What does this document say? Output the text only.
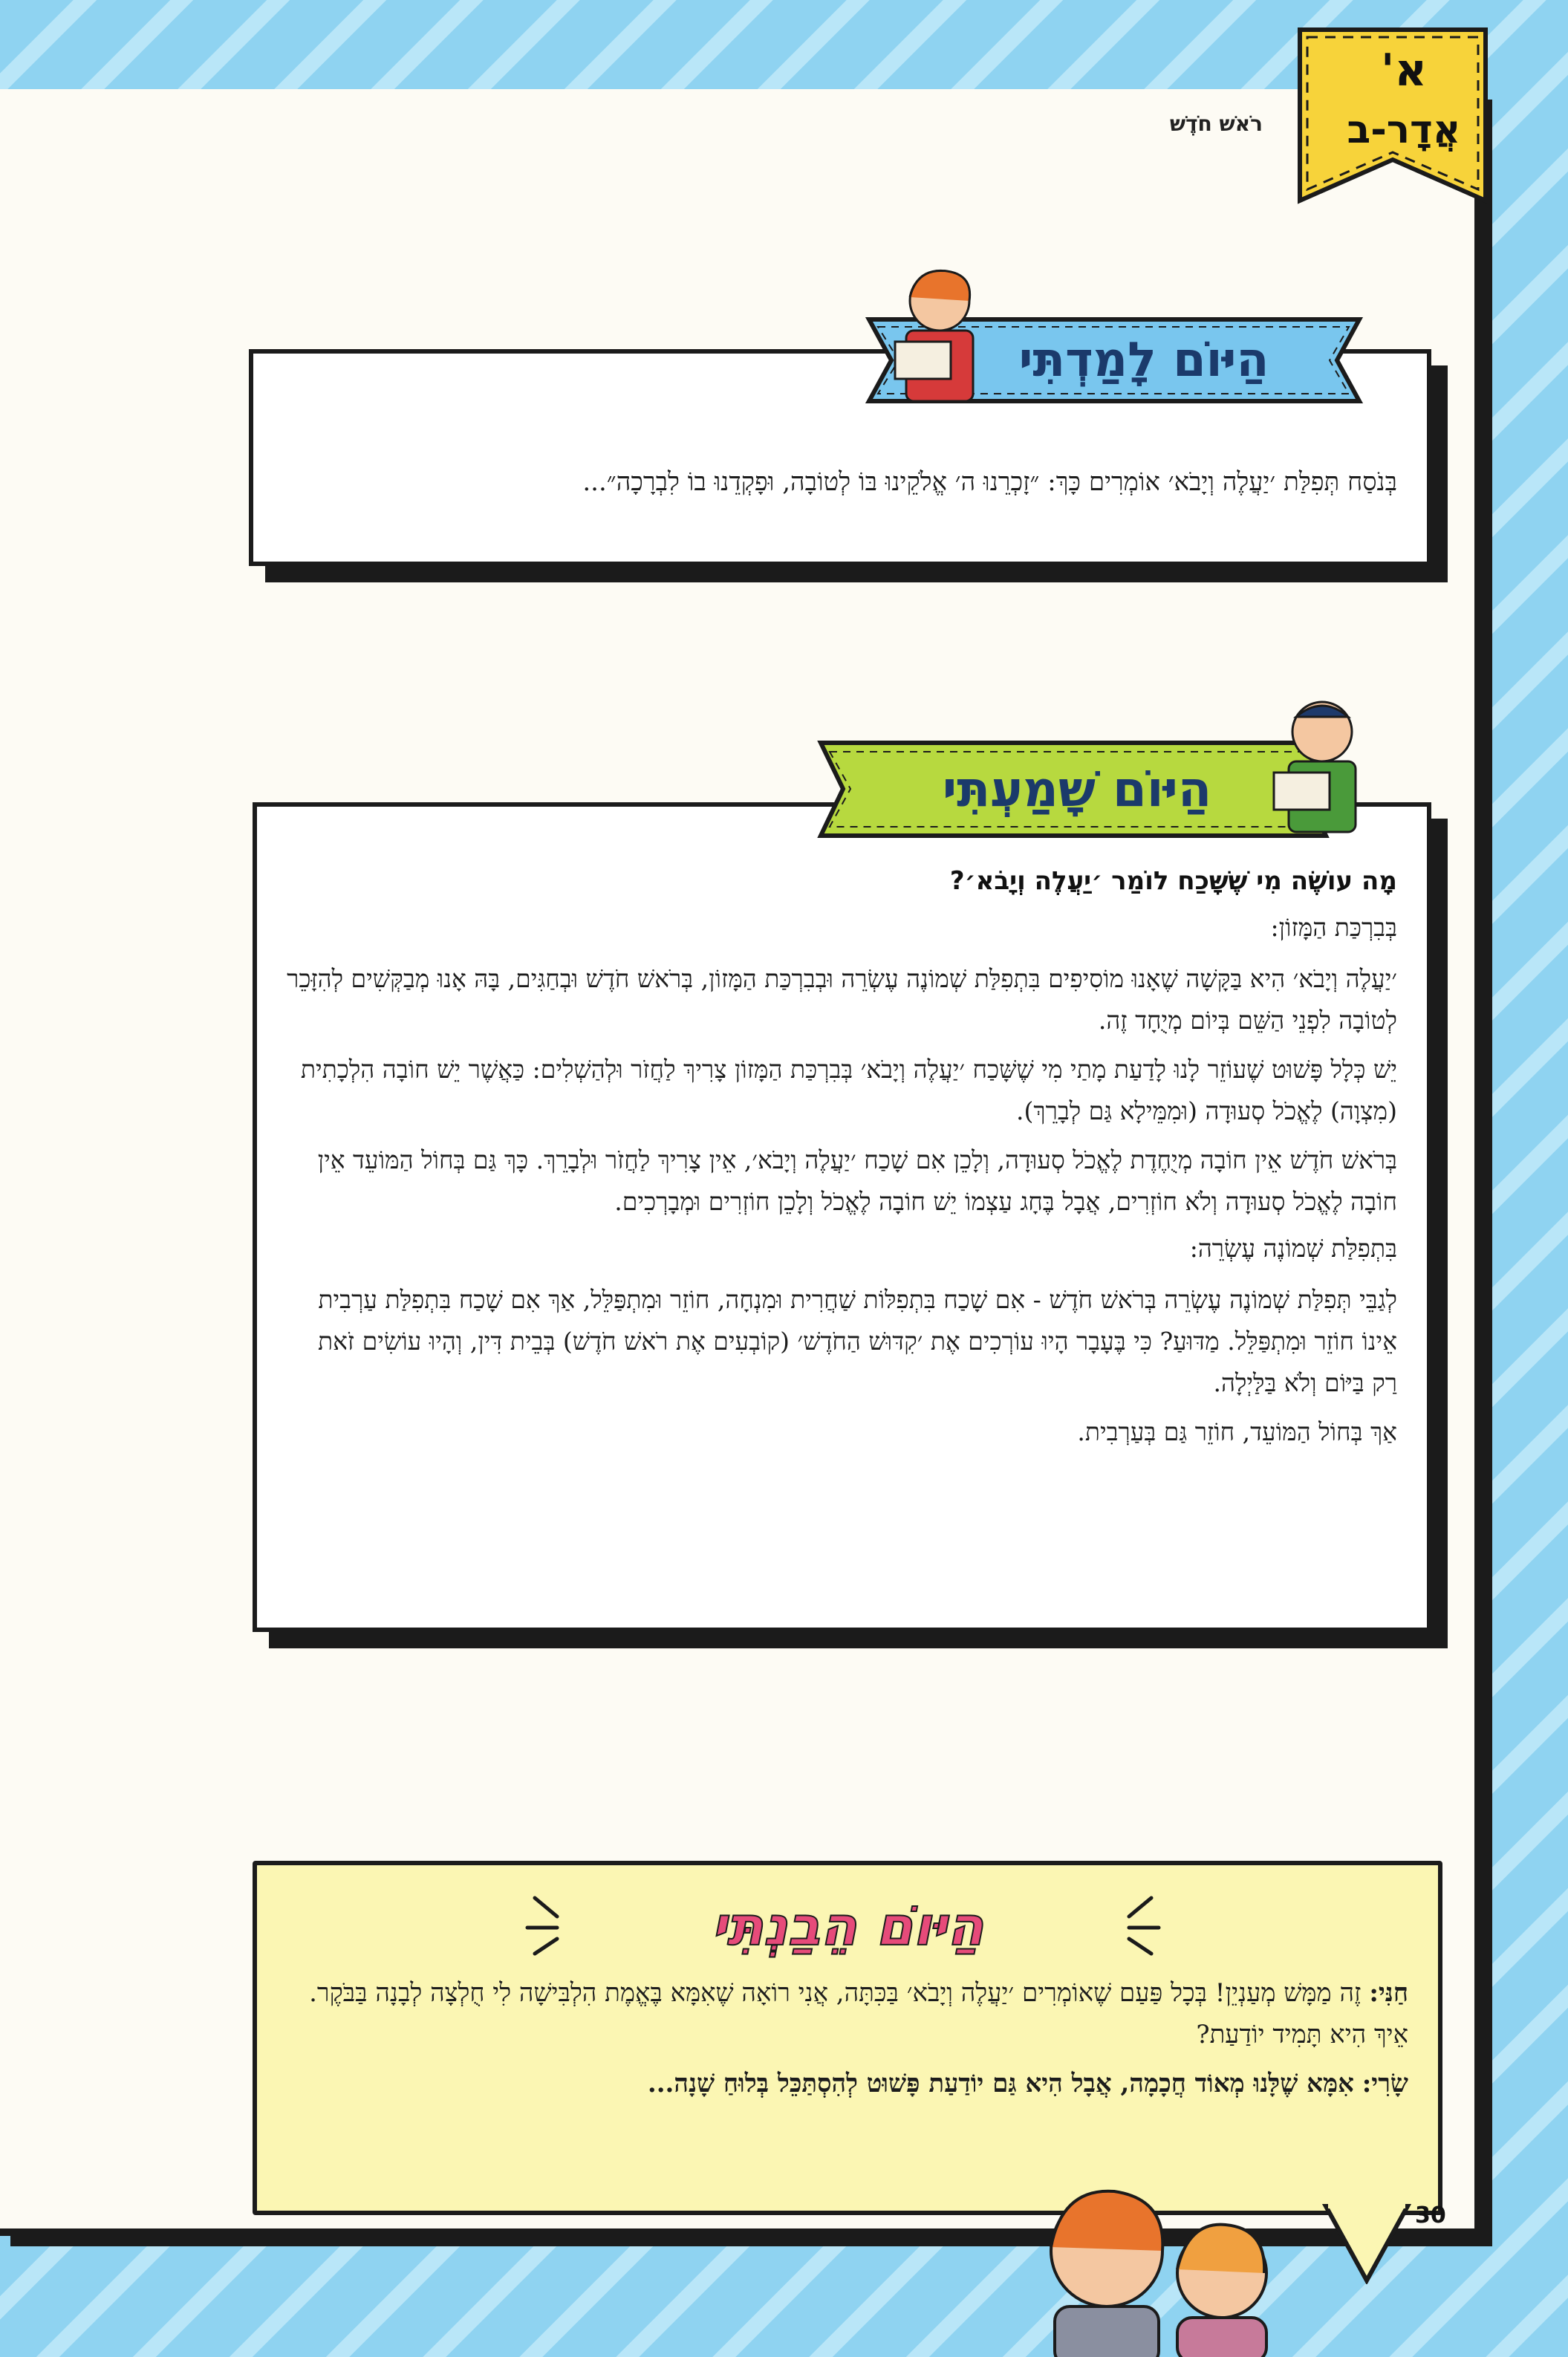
א'
אֲדָר-ב
רֹאשׁ חֹדֶשׁ

בְּנֹסַח תְּפִלַּת ׳יַעֲלֶה וְיָבֹא׳ אוֹמְרִים כָּךְ: ״זָכְרֵנוּ ה׳ אֱלֹקֵינוּ בּוֹ לְטוֹבָה, וּפָקְדֵנוּ בוֹ לִבְרָכָה״...

הַיּוֹם לָמַדְתִּי

מָה עוֹשֶׂה מִי שֶׁשָּׁכַח לוֹמַר ׳יַעֲלֶה וְיָבֹא׳?

בְּבִרְכַּת הַמָּזוֹן:

׳יַעֲלֶה וְיָבֹא׳ הִיא בַּקָּשָׁה שֶׁאָנוּ מוֹסִיפִים בִּתְפִלַּת שְׁמוֹנֶה עֶשְׂרֵה וּבְבִרְכַּת הַמָּזוֹן, בְּרֹאשׁ חֹדֶשׁ וּבְחַגִּים, בָּהּ אָנוּ מְבַקְּשִׁים לְהִזָּכֵר לְטוֹבָה לִפְנֵי הַשֵּׁם בְּיוֹם מְיֻחָד זֶה.

יֵשׁ כְּלָל פָּשׁוּט שֶׁעוֹזֵר לָנוּ לָדַעַת מָתַי מִי שֶׁשָּׁכַח ׳יַעֲלֶה וְיָבֹא׳ בְּבִרְכַּת הַמָּזוֹן צָרִיךְ לַחֲזֹר וּלְהַשְׁלִים: כַּאֲשֶׁר יֵשׁ חוֹבָה הִלְכָתִית (מִצְוָה) לֶאֱכֹל סְעוּדָה (וּמִמֵּילָא גַּם לְבָרֵךְ).

בְּרֹאשׁ חֹדֶשׁ אֵין חוֹבָה מְיֻחֶדֶת לֶאֱכֹל סְעוּדָה, וְלָכֵן אִם שָׁכַח ׳יַעֲלֶה וְיָבֹא׳, אֵין צָרִיךְ לַחֲזֹר וּלְבָרֵךְ. כָּךְ גַּם בְּחוֹל הַמּוֹעֵד אֵין חוֹבָה לֶאֱכֹל סְעוּדָה וְלֹא חוֹזְרִים, אֲבָל בֶּחָג עַצְמוֹ יֵשׁ חוֹבָה לֶאֱכֹל וְלָכֵן חוֹזְרִים וּמְבָרְכִים.

בִּתְפִלַּת שְׁמוֹנֶה עֶשְׂרֵה:

לְגַבֵּי תְּפִלַּת שְׁמוֹנֶה עֶשְׂרֵה בְּרֹאשׁ חֹדֶשׁ - אִם שָׁכַח בִּתְפִלּוֹת שַׁחֲרִית וּמִנְחָה, חוֹזֵר וּמִתְפַּלֵּל, אַךְ אִם שָׁכַח בִּתְפִלַּת עַרְבִית אֵינוֹ חוֹזֵר וּמִתְפַּלֵּל. מַדּוּעַ? כִּי בֶּעָבָר הָיוּ עוֹרְכִים אֶת ׳קִדּוּשׁ הַחֹדֶשׁ׳ (קוֹבְעִים אֶת רֹאשׁ חֹדֶשׁ) בְּבֵית דִּין, וְהָיוּ עוֹשִׂים זֹאת רַק בַּיּוֹם וְלֹא בַּלַּיְלָה.

אַךְ בְּחוֹל הַמּוֹעֵד, חוֹזֵר גַּם בְּעַרְבִית.

הַיּוֹם שָׁמַעְתִּי
הַיּוֹם הֵבַנְתִּי

חַנִּי: זֶה מַמָּשׁ מְעַנְיֵן! בְּכָל פַּעַם שֶׁאוֹמְרִים ׳יַעֲלֶה וְיָבֹא׳ בַּכִּתָּה, אֲנִי רוֹאָה שֶׁאִמָּא בֶּאֱמֶת הִלְבִּישָׁה לִי חֻלְצָה לְבָנָה בַּבֹּקֶר. אֵיךְ הִיא תָּמִיד יוֹדַעַת?

שָׂרִי: אִמָּא שֶׁלָּנוּ מְאוֹד חֲכָמָה, אֲבָל הִיא גַּם יוֹדַעַת פָּשׁוּט לְהִסְתַּכֵּל בְּלוּחַ שָׁנָה...

30
